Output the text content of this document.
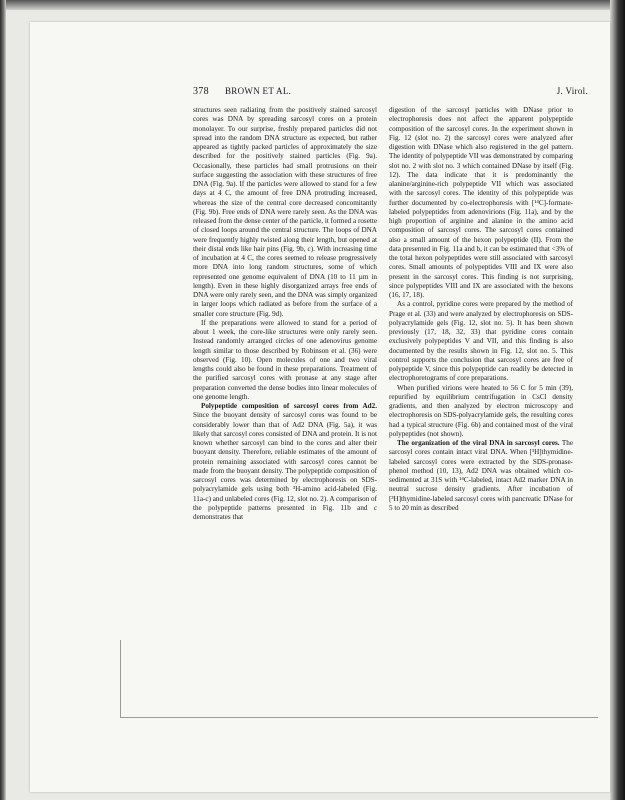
378 BROWN ET AL.	J. Virol.

structures seen radiating from the positively stained sarcosyl cores was DNA by spreading sarcosyl cores on a protein monolayer. To our surprise, freshly prepared particles did not spread into the random DNA structure as expected, but rather appeared as tightly packed particles of approximately the size described for the positively stained particles (Fig. 9a). Occasionally, these particles had small protrusions on their surface suggesting the association with these structures of free DNA (Fig. 9a). If the particles were allowed to stand for a few days at 4 C, the amount of free DNA protruding increased, whereas the size of the central core decreased concomitantly (Fig. 9b). Free ends of DNA were rarely seen. As the DNA was released from the dense center of the particle, it formed a rosette of closed loops around the central structure. The loops of DNA were frequently highly twisted along their length, but opened at their distal ends like hair pins (Fig. 9b, c). With increasing time of incubation at 4 C, the cores seemed to release progressively more DNA into long random structures, some of which represented one genome equivalent of DNA (10 to 11 µm in length). Even in these highly disorganized arrays free ends of DNA were only rarely seen, and the DNA was simply organized in larger loops which radiated as before from the surface of a smaller core structure (Fig. 9d).

If the preparations were allowed to stand for a period of about 1 week, the core-like structures were only rarely seen. Instead randomly arranged circles of one adenovirus genome length similar to those described by Robinson et al. (36) were observed (Fig. 10). Open molecules of one and two viral lengths could also be found in these preparations. Treatment of the purified sarcosyl cores with pronase at any stage after preparation converted the dense bodies into linear molecules of one genome length.

Polypeptide composition of sarcosyl cores from Ad2. Since the buoyant density of sarcosyl cores was found to be considerably lower than that of Ad2 DNA (Fig. 5a), it was likely that sarcosyl cores consisted of DNA and protein. It is not known whether sarcosyl can bind to the cores and alter their buoyant density. Therefore, reliable estimates of the amount of protein remaining associated with sarcosyl cores cannot be made from the buoyant density. The polypeptide composition of sarcosyl cores was determined by electrophoresis on SDS-polyacrylamide gels using both ³H-amino acid-labeled (Fig. 11a-c) and unlabeled cores (Fig. 12, slot no. 2). A comparison of the polypeptide patterns presented in Fig. 11b and c demonstrates that

digestion of the sarcosyl particles with DNase prior to electrophoresis does not affect the apparent polypeptide composition of the sarcosyl cores. In the experiment shown in Fig. 12 (slot no. 2) the sarcosyl cores were analyzed after digestion with DNase which also registered in the gel pattern. The identity of polypeptide VII was demonstrated by comparing slot no. 2 with slot no. 3 which contained DNase by itself (Fig. 12). The data indicate that it is predominantly the alanine/arginine-rich polypeptide VII which was associated with the sarcosyl cores. The identity of this polypeptide was further documented by co-electrophoresis with [¹⁴C]-formate-labeled polypeptides from adenovirions (Fig. 11a), and by the high proportion of arginine and alanine in the amino acid composition of sarcosyl cores. The sarcosyl cores contained also a small amount of the hexon polypeptide (II). From the data presented in Fig. 11a and b, it can be estimated that <3% of the total hexon polypeptides were still associated with sarcosyl cores. Small amounts of polypeptides VIII and IX were also present in the sarcosyl cores. This finding is not surprising, since polypeptides VIII and IX are associated with the hexons (16, 17, 18).

As a control, pyridine cores were prepared by the method of Prage et al. (33) and were analyzed by electrophoresis on SDS-polyacrylamide gels (Fig. 12, slot no. 5). It has been shown previously (17, 18, 32, 33) that pyridine cores contain exclusively polypeptides V and VII, and this finding is also documented by the results shown in Fig. 12, slot no. 5. This control supports the conclusion that sarcosyl cores are free of polypeptide V, since this polypeptide can readily be detected in electrophoretograms of core preparations.

When purified virions were heated to 56 C for 5 min (39), repurified by equilibrium centrifugation in CsCl density gradients, and then analyzed by electron microscopy and electrophoresis on SDS-polyacrylamide gels, the resulting cores had a typical structure (Fig. 6b) and contained most of the viral polypeptides (not shown).

The organization of the viral DNA in sarcosyl cores. The sarcosyl cores contain intact viral DNA. When [³H]thymidine-labeled sarcosyl cores were extracted by the SDS-pronase-phenol method (10, 13), Ad2 DNA was obtained which co-sedimented at 31S with ¹⁴C-labeled, intact Ad2 marker DNA in neutral sucrose density gradients. After incubation of [³H]thymidine-labeled sarcosyl cores with pancreatic DNase for 5 to 20 min as described
